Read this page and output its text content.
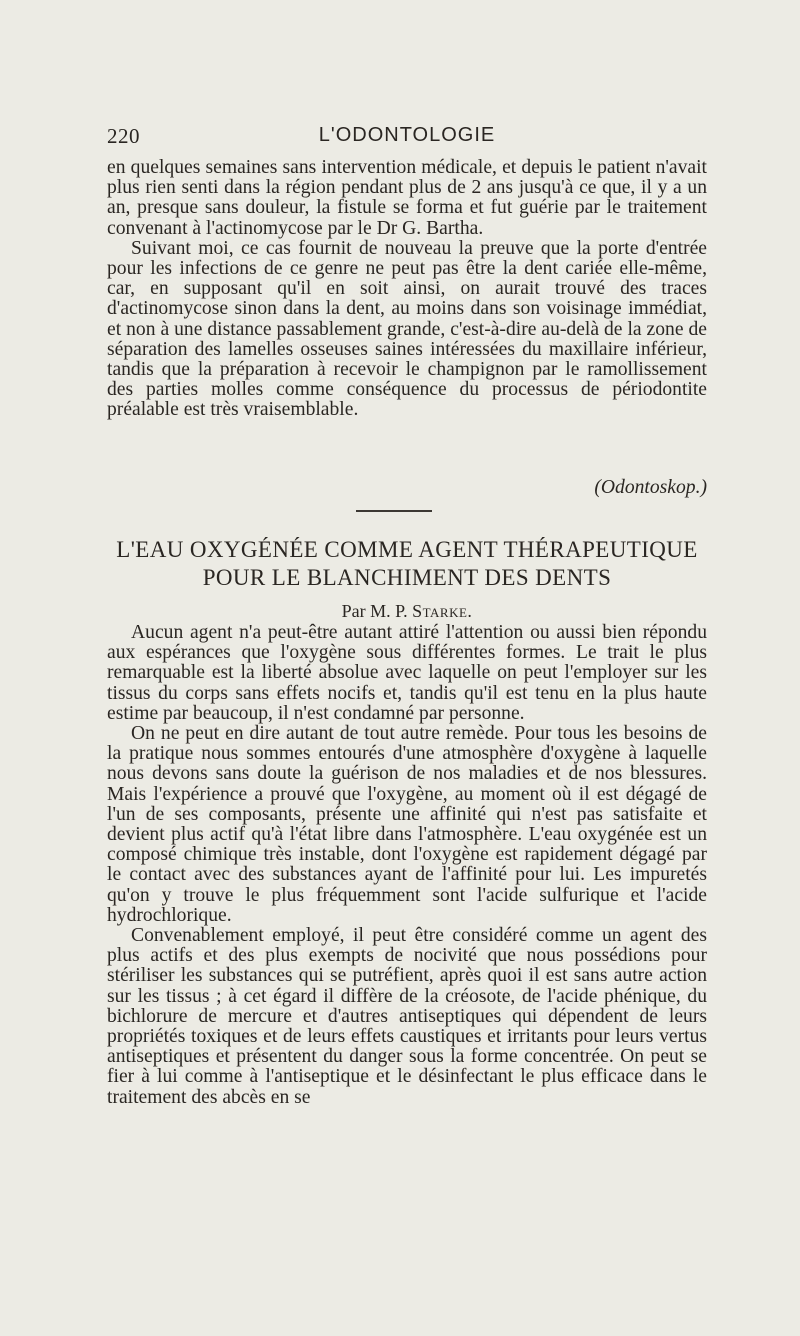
220	L'ODONTOLOGIE

en quelques semaines sans intervention médicale, et depuis le patient n'avait plus rien senti dans la région pendant plus de 2 ans jusqu'à ce que, il y a un an, presque sans douleur, la fistule se forma et fut guérie par le traitement convenant à l'actinomycose par le Dr G. Bartha.

Suivant moi, ce cas fournit de nouveau la preuve que la porte d'entrée pour les infections de ce genre ne peut pas être la dent cariée elle-même, car, en supposant qu'il en soit ainsi, on aurait trouvé des traces d'actinomycose sinon dans la dent, au moins dans son voisinage immédiat, et non à une distance passablement grande, c'est-à-dire au-delà de la zone de séparation des lamelles osseuses saines intéressées du maxillaire inférieur, tandis que la préparation à recevoir le champignon par le ramollissement des parties molles comme conséquence du processus de périodontite préalable est très vraisemblable.

(Odontoskop.)
L'EAU OXYGÉNÉE COMME AGENT THÉRAPEUTIQUE
POUR LE BLANCHIMENT DES DENTS
Par M. P. Starke.

Aucun agent n'a peut-être autant attiré l'attention ou aussi bien répondu aux espérances que l'oxygène sous différentes formes. Le trait le plus remarquable est la liberté absolue avec laquelle on peut l'employer sur les tissus du corps sans effets nocifs et, tandis qu'il est tenu en la plus haute estime par beaucoup, il n'est condamné par personne.

On ne peut en dire autant de tout autre remède. Pour tous les besoins de la pratique nous sommes entourés d'une atmosphère d'oxygène à laquelle nous devons sans doute la guérison de nos maladies et de nos blessures. Mais l'expérience a prouvé que l'oxygène, au moment où il est dégagé de l'un de ses composants, présente une affinité qui n'est pas satisfaite et devient plus actif qu'à l'état libre dans l'atmosphère. L'eau oxygénée est un composé chimique très instable, dont l'oxygène est rapidement dégagé par le contact avec des substances ayant de l'affinité pour lui. Les impuretés qu'on y trouve le plus fréquemment sont l'acide sulfurique et l'acide hydrochlorique.

Convenablement employé, il peut être considéré comme un agent des plus actifs et des plus exempts de nocivité que nous possédions pour stériliser les substances qui se putréfient, après quoi il est sans autre action sur les tissus ; à cet égard il diffère de la créosote, de l'acide phénique, du bichlorure de mercure et d'autres antiseptiques qui dépendent de leurs propriétés toxiques et de leurs effets caustiques et irritants pour leurs vertus antiseptiques et présentent du danger sous la forme concentrée. On peut se fier à lui comme à l'antiseptique et le désinfectant le plus efficace dans le traitement des abcès en se
